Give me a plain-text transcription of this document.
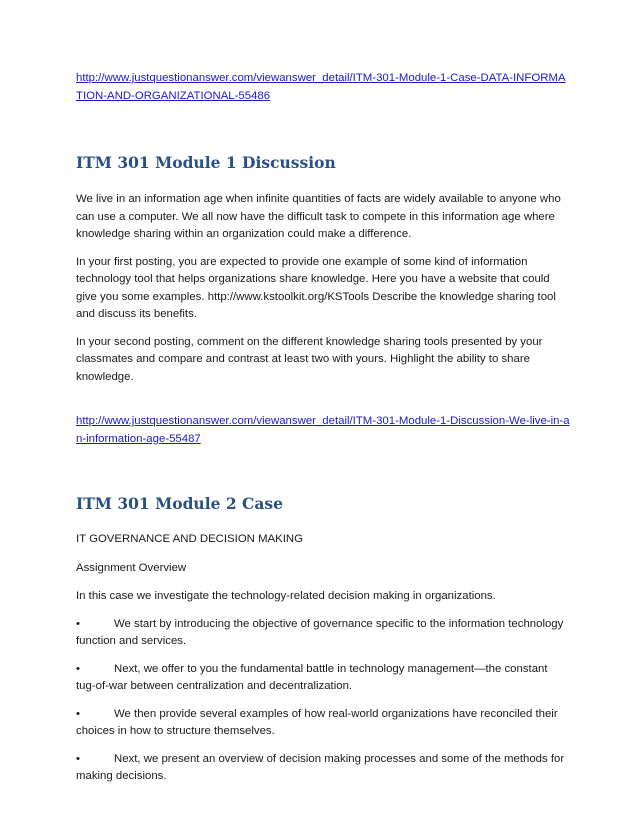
http://www.justquestionanswer.com/viewanswer_detail/ITM-301-Module-1-Case-DATA-INFORMATION-AND-ORGANIZATIONAL-55486
ITM 301 Module 1 Discussion

We live in an information age when infinite quantities of facts are widely available to anyone who can use a computer. We all now have the difficult task to compete in this information age where knowledge sharing within an organization could make a difference.

In your first posting, you are expected to provide one example of some kind of information technology tool that helps organizations share knowledge. Here you have a website that could give you some examples. http://www.kstoolkit.org/KSTools Describe the knowledge sharing tool and discuss its benefits.

In your second posting, comment on the different knowledge sharing tools presented by your classmates and compare and contrast at least two with yours. Highlight the ability to share knowledge.

http://www.justquestionanswer.com/viewanswer_detail/ITM-301-Module-1-Discussion-We-live-in-an-information-age-55487
ITM 301 Module 2 Case

IT GOVERNANCE AND DECISION MAKING

Assignment Overview

In this case we investigate the technology-related decision making in organizations.

•	We start by introducing the objective of governance specific to the information technology function and services.

•	Next, we offer to you the fundamental battle in technology management—the constant tug-of-war between centralization and decentralization.

•	We then provide several examples of how real-world organizations have reconciled their choices in how to structure themselves.

•	Next, we present an overview of decision making processes and some of the methods for making decisions.
